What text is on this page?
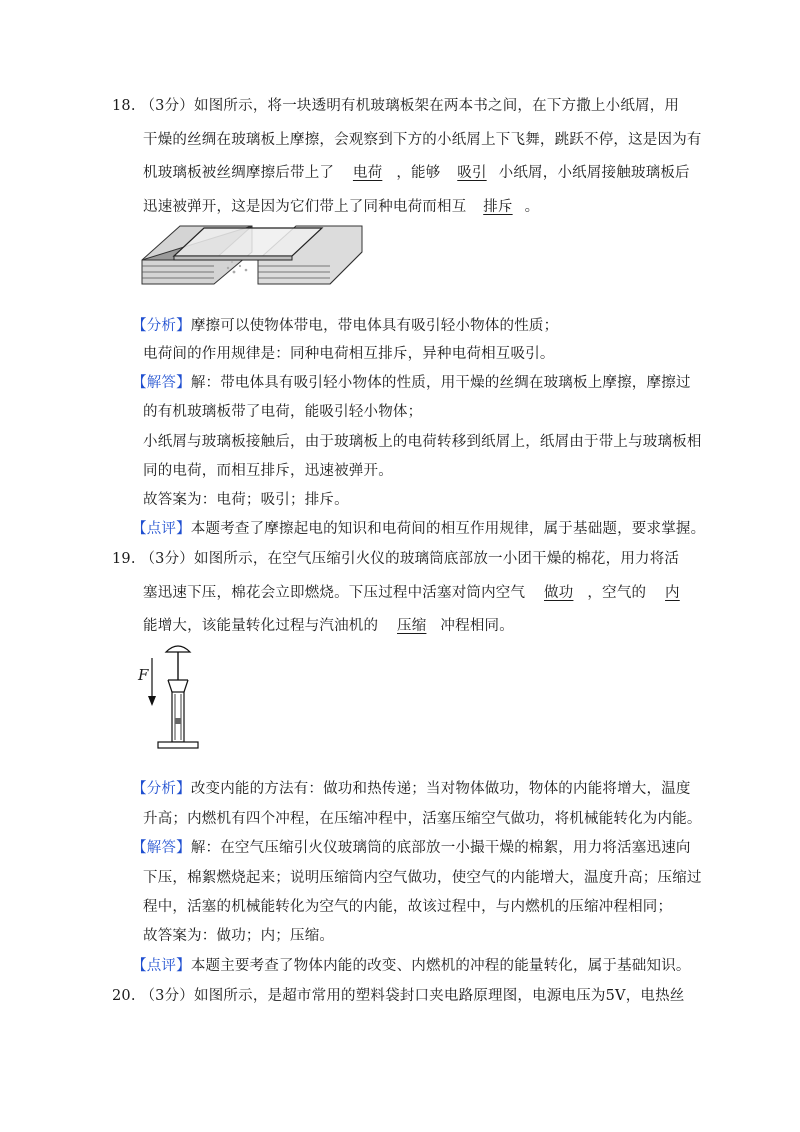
18. （3分）如图所示，将一块透明有机玻璃板架在两本书之间，在下方撒上小纸屑，用
干燥的丝绸在玻璃板上摩擦，会观察到下方的小纸屑上下飞舞，跳跃不停，这是因为有
机玻璃板被丝绸摩擦后带上了 电荷 ，能够 吸引 小纸屑，小纸屑接触玻璃板后
迅速被弹开，这是因为它们带上了同种电荷而相互 排斥 。
【分析】摩擦可以使物体带电，带电体具有吸引轻小物体的性质；
电荷间的作用规律是：同种电荷相互排斥，异种电荷相互吸引。
【解答】解：带电体具有吸引轻小物体的性质，用干燥的丝绸在玻璃板上摩擦，摩擦过
的有机玻璃板带了电荷，能吸引轻小物体；
小纸屑与玻璃板接触后，由于玻璃板上的电荷转移到纸屑上，纸屑由于带上与玻璃板相
同的电荷，而相互排斥，迅速被弹开。
故答案为：电荷；吸引；排斥。
【点评】本题考查了摩擦起电的知识和电荷间的相互作用规律，属于基础题，要求掌握。
19. （3分）如图所示，在空气压缩引火仪的玻璃筒底部放一小团干燥的棉花，用力将活
塞迅速下压，棉花会立即燃烧。下压过程中活塞对筒内空气 做功 ，空气的 内
能增大，该能量转化过程与汽油机的 压缩 冲程相同。
F
【分析】改变内能的方法有：做功和热传递；当对物体做功，物体的内能将增大，温度
升高；内燃机有四个冲程，在压缩冲程中，活塞压缩空气做功，将机械能转化为内能。
【解答】解：在空气压缩引火仪玻璃筒的底部放一小撮干燥的棉絮，用力将活塞迅速向
下压，棉絮燃烧起来；说明压缩筒内空气做功，使空气的内能增大，温度升高；压缩过
程中，活塞的机械能转化为空气的内能，故该过程中，与内燃机的压缩冲程相同；
故答案为：做功；内；压缩。
【点评】本题主要考查了物体内能的改变、内燃机的冲程的能量转化，属于基础知识。
20. （3分）如图所示，是超市常用的塑料袋封口夹电路原理图，电源电压为5V，电热丝
